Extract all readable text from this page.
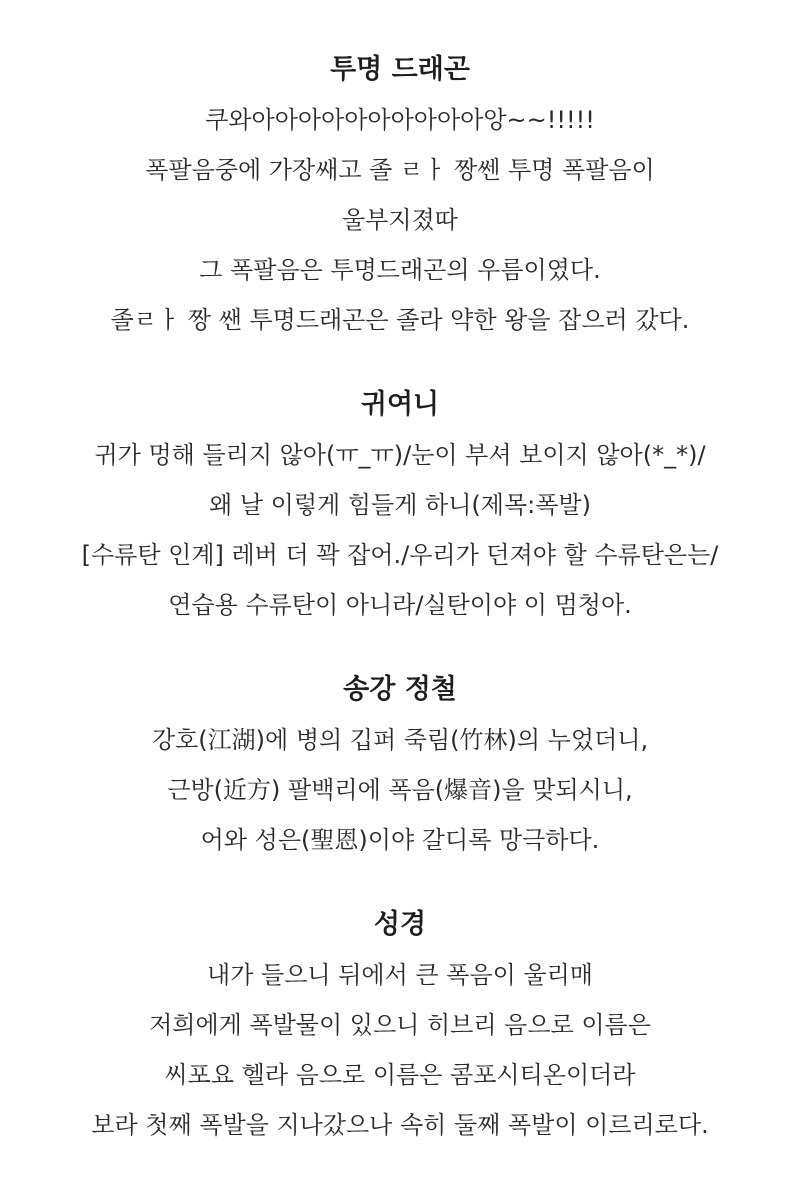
투명 드래곤
쿠와아아아아아아아아아아앙~~!!!!!
폭팔음중에 가장쌔고 졸 ㄹㅏ 짱쎈 투명 폭팔음이
울부지졌따
그 폭팔음은 투명드래곤의 우름이였다.
졸ㄹㅏ 짱 쌘 투명드래곤은 졸라 약한 왕을 잡으러 갔다.
귀여니
귀가 멍해 들리지 않아(ㅠ_ㅠ)/눈이 부셔 보이지 않아(*_*)/
왜 날 이렇게 힘들게 하니(제목:폭발)
[수류탄 인계] 레버 더 꽉 잡어./우리가 던져야 할 수류탄은는/
연습용 수류탄이 아니라/실탄이야 이 멈청아.
송강 정철
강호(江湖)에 병의 깁퍼 죽림(竹林)의 누었더니,
근방(近方) 팔백리에 폭음(爆音)을 맞되시니,
어와 성은(聖恩)이야 갈디록 망극하다.
성경
내가 들으니 뒤에서 큰 폭음이 울리매
저희에게 폭발물이 있으니 히브리 음으로 이름은
씨포요 헬라 음으로 이름은 콤포시티온이더라
보라 첫째 폭발을 지나갔으나 속히 둘째 폭발이 이르리로다.
